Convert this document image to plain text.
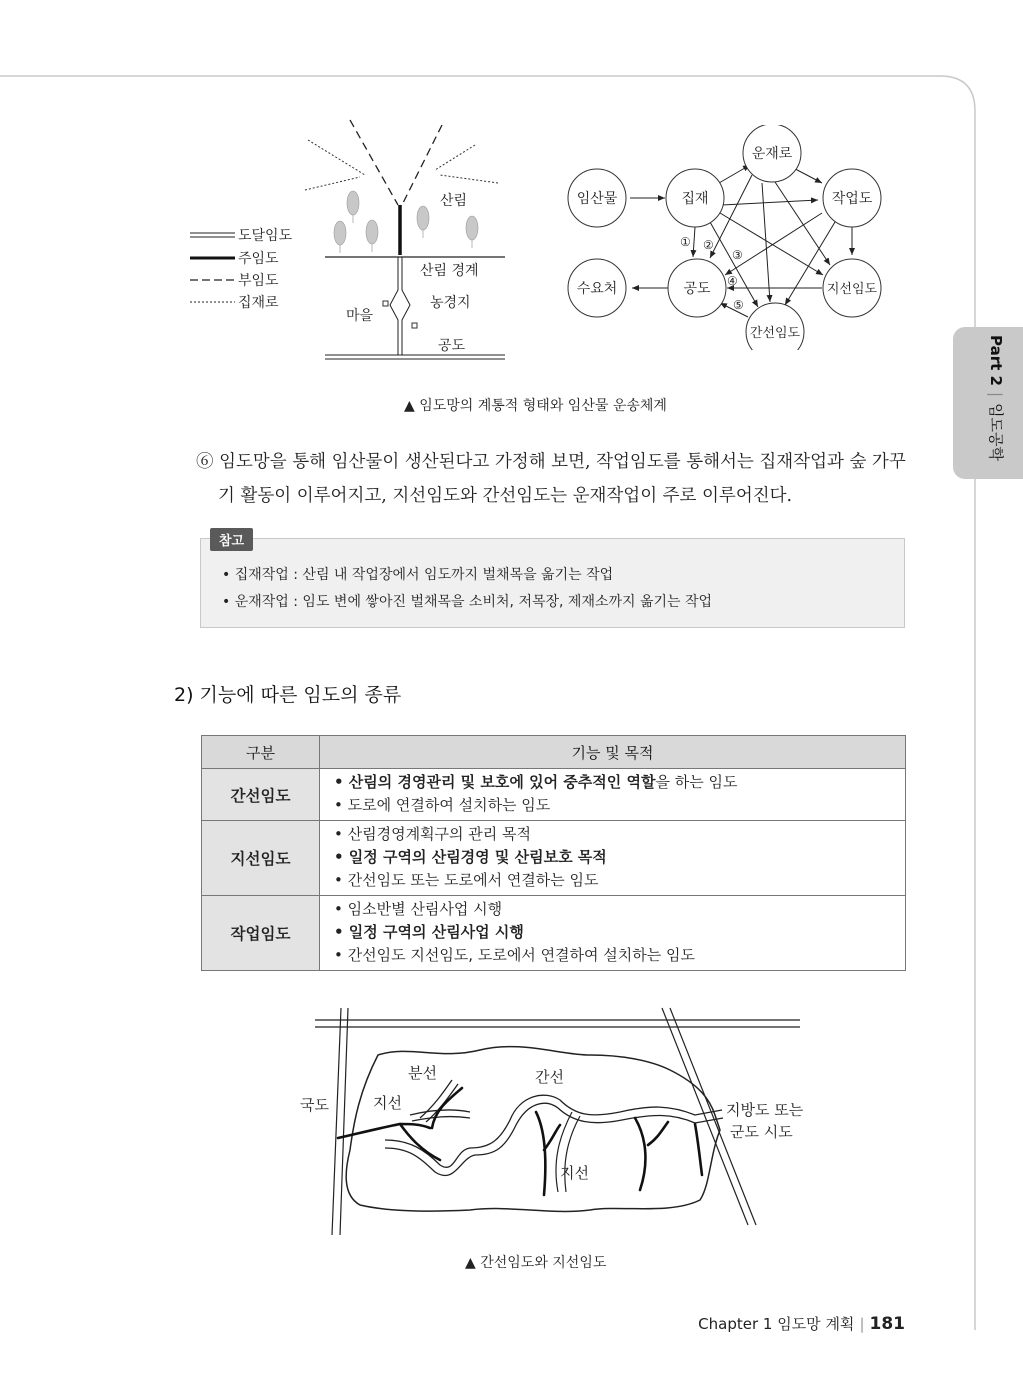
Part 2|임도공학
도달임도
주임도
부임도
집재로
산림
산림 경계
마을
농경지
공도
임산물	집재
운재로
작업도
수요처	공도	지선임도
간선임도
① ②
③
④
⑤
▲ 임도망의 계통적 형태와 임산물 운송체계
⑥ 임도망을 통해 임산물이 생산된다고 가정해 보면, 작업임도를 통해서는 집재작업과 숲 가꾸
기 활동이 이루어지고, 지선임도와 간선임도는 운재작업이 주로 이루어진다.
참고
• 집재작업 : 산림 내 작업장에서 임도까지 벌채목을 옮기는 작업
• 운재작업 : 임도 변에 쌓아진 벌채목을 소비처, 저목장, 제재소까지 옮기는 작업
2) 기능에 따른 임도의 종류
구분	기능 및 목적
간선임도	• 산림의 경영관리 및 보호에 있어 중추적인 역할을 하는 임도
• 도로에 연결하여 설치하는 임도

지선임도	• 산림경영계획구의 관리 목적
• 일정 구역의 산림경영 및 산림보호 목적
• 간선임도 또는 도로에서 연결하는 임도

작업임도	• 임소반별 산림사업 시행
• 일정 구역의 산림사업 시행
• 간선임도 지선임도, 도로에서 연결하여 설치하는 임도
국도
분선	간선
지선
지선
지방도 또는
군도 시도
▲ 간선임도와 지선임도
Chapter 1 임도망 계획 | 181
